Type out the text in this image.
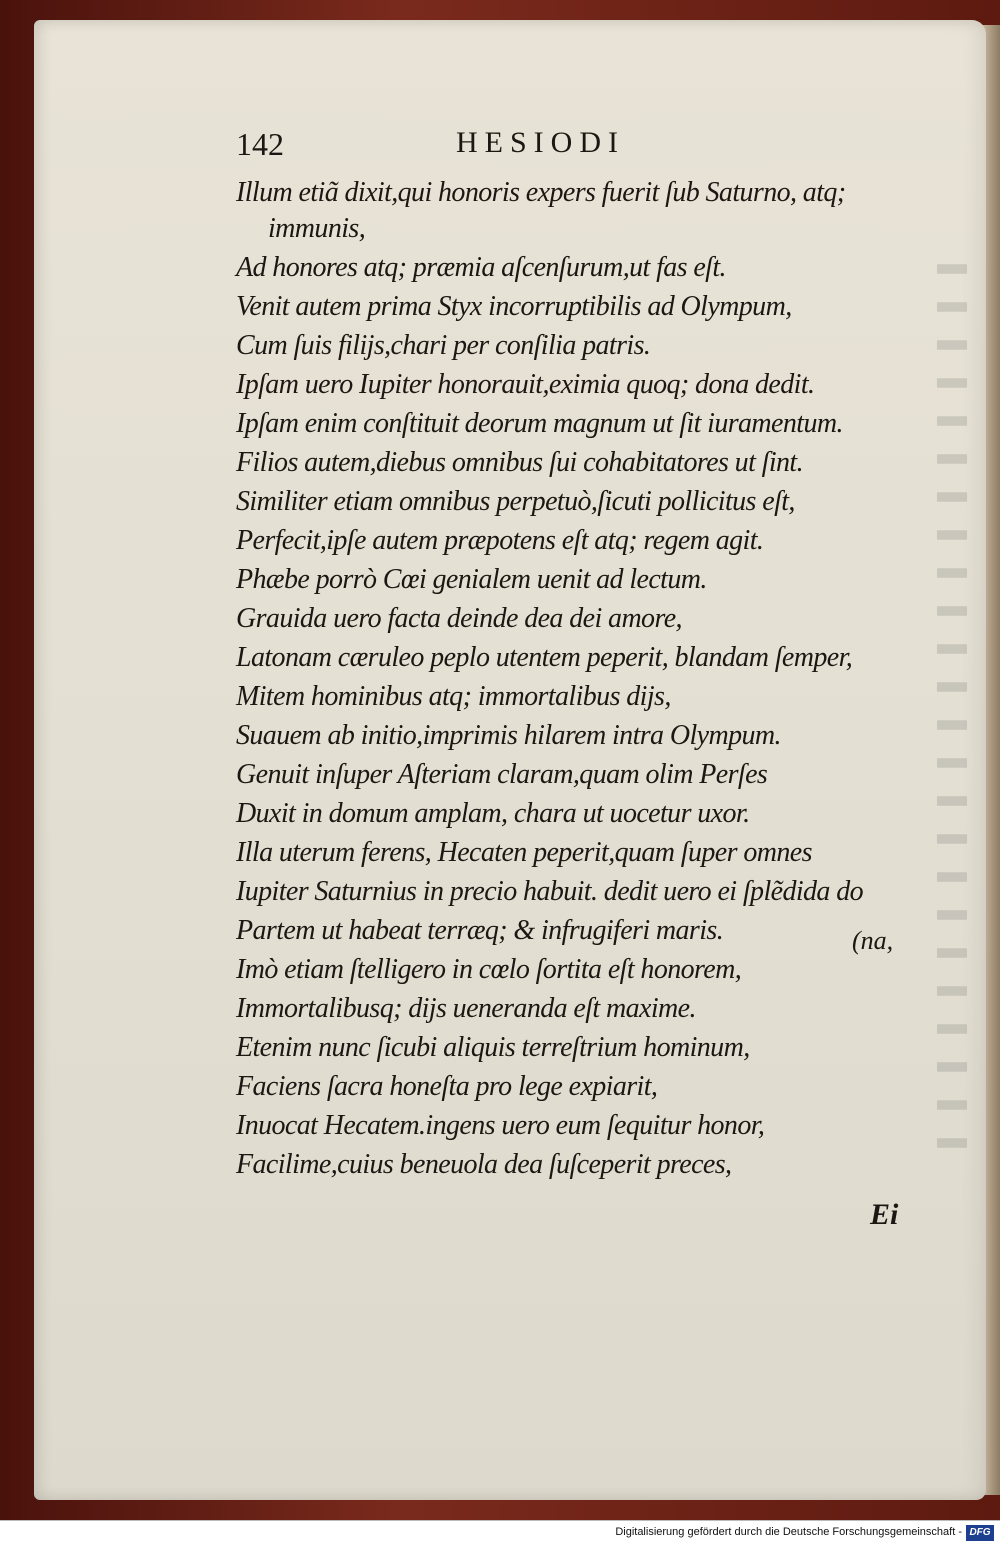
142	HESIODI
Illum etiã dixit,qui honoris expers fuerit ſub Saturno, atq;
immunis,
Ad honores atq; præmia aſcenſurum,ut fas eſt.
Venit autem prima Styx incorruptibilis ad Olympum,
Cum ſuis filijs,chari per conſilia patris.
Ipſam uero Iupiter honorauit,eximia quoq; dona dedit.
Ipſam enim conſtituit deorum magnum ut ſit iuramentum.
Filios autem,diebus omnibus ſui cohabitatores ut ſint.
Similiter etiam omnibus perpetuò,ſicuti pollicitus eſt,
Perfecit,ipſe autem præpotens eſt atq; regem agit.
Phæbe porrò Cœi genialem uenit ad lectum.
Grauida uero facta deinde dea dei amore,
Latonam cæruleo peplo utentem peperit, blandam ſemper,
Mitem hominibus atq; immortalibus dijs,
Suauem ab initio,imprimis hilarem intra Olympum.
Genuit inſuper Aſteriam claram,quam olim Perſes
Duxit in domum amplam, chara ut uocetur uxor.
Illa uterum ferens, Hecaten peperit,quam ſuper omnes
Iupiter Saturnius in precio habuit. dedit uero ei ſplẽdida do
Partem ut habeat terræq; & infrugiferi maris.
Imò etiam ſtelligero in cœlo ſortita eſt honorem,
Immortalibusq; dijs ueneranda eſt maxime.
Etenim nunc ſicubi aliquis terreſtrium hominum,
Faciens ſacra honeſta pro lege expiarit,
Inuocat Hecatem.ingens uero eum ſequitur honor,
Facilime,cuius beneuola dea ſuſceperit preces,
(na,
Ei
Digitalisierung gefördert durch die Deutsche Forschungsgemeinschaft - DFG
